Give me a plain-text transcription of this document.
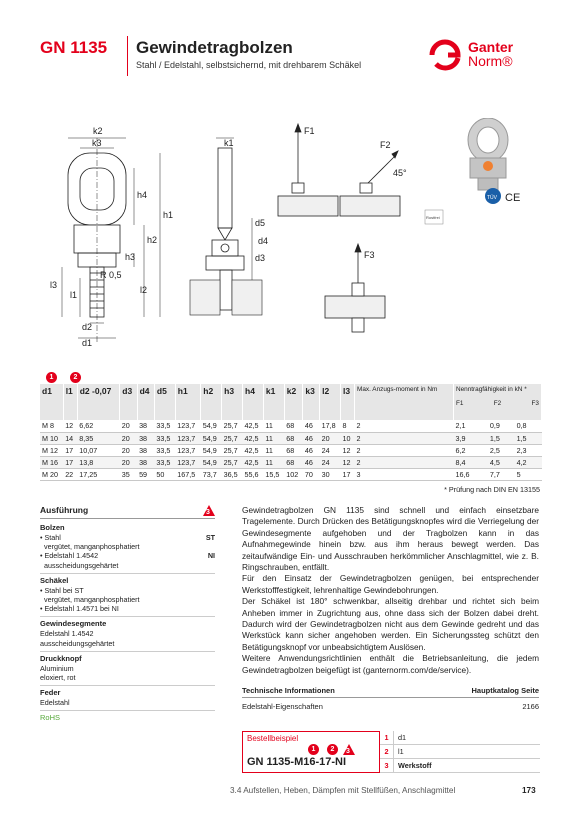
GN 1135 Gewindetragbolzen
Stahl / Edelstahl, selbstsichernd, mit drehbarem Schäkel
Ganter
Norm®
k2
k3
h4
h1
h2
h3
l3
l1	l2
R 0,5
d2
d1
k1
d5
d4
d3
F1
F2
45°
F3
TÜV CE
Rostfrei
1	2
d1	l1	d2 -0,07	d3	d4	d5	h1	h2	h3	h4	k1	k2	k3	l2	l3	Max. Anzugs-moment in Nm	Nenntragfähigkeit in kN *
F1 F2 F3		

M 8	12	6,62	20	38	33,5	123,7	54,9	25,7	42,5	11	68	46	17,8	8	2	2,1	0,9	0,8
M 10	14	8,35	20	38	33,5	123,7	54,9	25,7	42,5	11	68	46	20	10	2	3,9	1,5	1,5
M 12	17	10,07	20	38	33,5	123,7	54,9	25,7	42,5	11	68	46	24	12	2	6,2	2,5	2,3
M 16	17	13,8	20	38	33,5	123,7	54,9	25,7	42,5	11	68	46	24	12	2	8,4	4,5	4,2
M 20	22	17,25	35	59	50	167,5	73,7	36,5	55,6	15,5	102	70	30	17	3	16,6	7,7	5
* Prüfung nach DIN EN 13155
Ausführung	3
Bolzen
• Stahl	ST
vergütet, manganphosphatiert
• Edelstahl 1.4542	NI
ausscheidungsgehärtet
Schäkel
• Stahl bei ST
vergütet, manganphosphatiert
• Edelstahl 1.4571 bei NI
Gewindesegmente
Edelstahl 1.4542
ausscheidungsgehärtet
Druckknopf
Aluminium
eloxiert, rot
Feder
Edelstahl
RoHS

Gewindetragbolzen GN 1135 sind schnell und einfach einsetzbare Tragelemente. Durch Drücken des Betätigungsknopfes wird die Verriegelung der Gewindesegmente aufgehoben und der Tragbolzen kann in das Aufnahmegewinde hinein bzw. aus ihm heraus bewegt werden. Das zeitaufwändige Ein- und Ausschrauben herkömmlicher Anschlagmittel, wie z. B. Ringschrauben, entfällt.

Für den Einsatz der Gewindetragbolzen genügen, bei entsprechender Werkstofffestigkeit, lehrenhaltige Gewindebohrungen.

Der Schäkel ist 180° schwenkbar, allseitig drehbar und richtet sich beim Anheben immer in Zugrichtung aus, ohne dass sich der Bolzen dabei dreht. Dadurch wird der Gewindetragbolzen nicht aus dem Gewinde gedreht und das Werkstück kann sicher angehoben werden. Ein Sicherungssteg schützt den Betätigungsknopf vor unbeabsichtigtem Auslösen.

Weitere Anwendungsrichtlinien enthält die Betriebsanleitung, die jedem Gewindetragbolzen beigefügt ist (ganternorm.com/de/service).

Technische Informationen	Hauptkatalog Seite
Edelstahl-Eigenschaften	2166
Bestellbeispiel
1	2	3
GN 1135-M16-17-NI
1	d1
2	l1
3	Werkstoff
3.4 Aufstellen, Heben, Dämpfen mit Stellfüßen, Anschlagmittel	173
